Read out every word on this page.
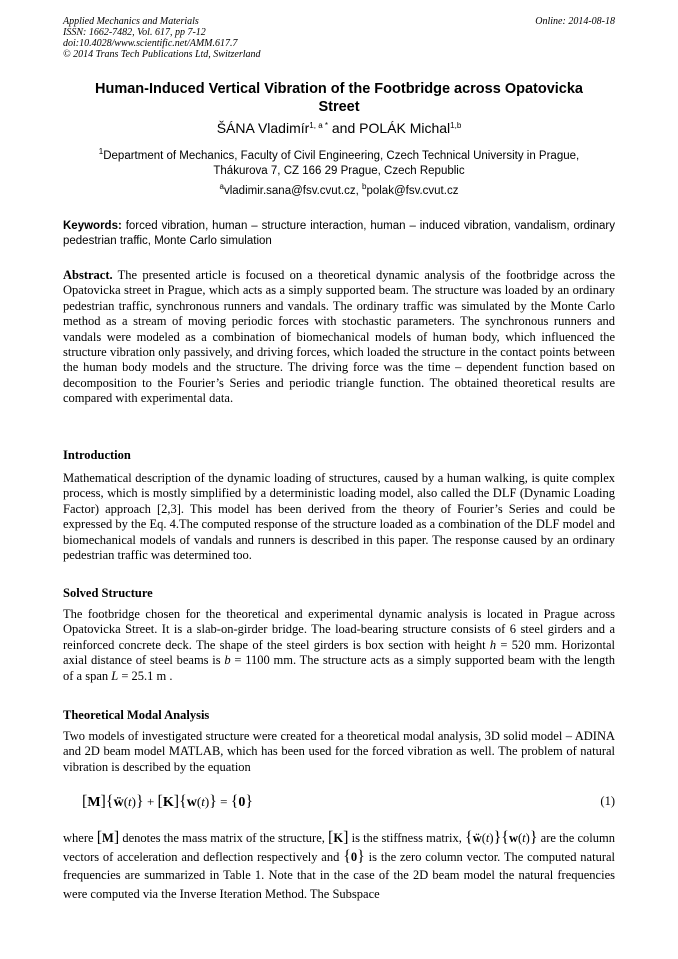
Applied Mechanics and Materials
ISSN: 1662-7482, Vol. 617, pp 7-12
doi:10.4028/www.scientific.net/AMM.617.7
© 2014 Trans Tech Publications Ltd, Switzerland
Online: 2014-08-18
Human-Induced Vertical Vibration of the Footbridge across Opatovicka
Street
ŠÁNA Vladimír$^{1, a *}$ and POLÁK Michal$^{1,b}$
$^1$Department of Mechanics, Faculty of Civil Engineering, Czech Technical University in Prague,
Thákurova 7, CZ 166 29 Prague, Czech Republic
$^a$vladimir.sana@fsv.cvut.cz, $^b$polak@fsv.cvut.cz
Keywords: forced vibration, human – structure interaction, human – induced vibration, vandalism, ordinary pedestrian traffic, Monte Carlo simulation
Abstract. The presented article is focused on a theoretical dynamic analysis of the footbridge across the Opatovicka street in Prague, which acts as a simply supported beam. The structure was loaded by an ordinary pedestrian traffic, synchronous runners and vandals. The ordinary traffic was simulated by the Monte Carlo method as a stream of moving periodic forces with stochastic parameters. The synchronous runners and vandals were modeled as a combination of biomechanical models of human body, which influenced the structure vibration only passively, and driving forces, which loaded the structure in the contact points between the human body models and the structure. The driving force was the time – dependent function based on decomposition to the Fourier’s Series and periodic triangle function. The obtained theoretical results are compared with experimental data.
Introduction
Mathematical description of the dynamic loading of structures, caused by a human walking, is quite complex process, which is mostly simplified by a deterministic loading model, also called the DLF (Dynamic Loading Factor) approach [2,3]. This model has been derived from the theory of Fourier’s Series and could be expressed by the Eq. 4.The computed response of the structure loaded as a combination of the DLF model and biomechanical models of vandals and runners is described in this paper. The response caused by an ordinary pedestrian traffic was determined too.
Solved Structure
The footbridge chosen for the theoretical and experimental dynamic analysis is located in Prague across Opatovicka Street. It is a slab-on-girder bridge. The load-bearing structure consists of 6 steel girders and a reinforced concrete deck. The shape of the steel girders is box section with height h = 520 mm. Horizontal axial distance of steel beams is b = 1100 mm. The structure acts as a simply supported beam with the length of a span L = 25.1 m .
Theoretical Modal Analysis
Two models of investigated structure were created for a theoretical modal analysis, 3D solid model – ADINA and 2D beam model MATLAB, which has been used for the forced vibration as well. The problem of natural vibration is described by the equation
[M]{ẅ(t)} + [K]{w(t)} = {0}	(1)
where [M] denotes the mass matrix of the structure, [K] is the stiffness matrix, {ẅ(t)}{w(t)} are the column vectors of acceleration and deflection respectively and {0} is the zero column vector. The computed natural frequencies are summarized in Table 1. Note that in the case of the 2D beam model the natural frequencies were computed via the Inverse Iteration Method. The Subspace
